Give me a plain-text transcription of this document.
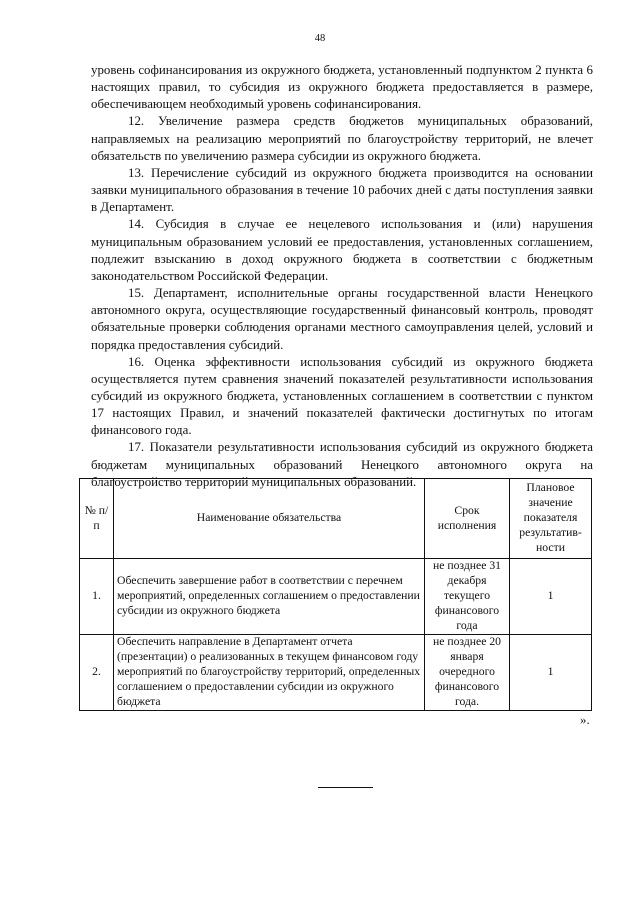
48

уровень софинансирования из окружного бюджета, установленный подпунктом 2 пункта 6 настоящих правил, то субсидия из окружного бюджета предоставляется в размере, обеспечивающем необходимый уровень софинансирования.

12. Увеличение размера средств бюджетов муниципальных образований, направляемых на реализацию мероприятий по благоустройству территорий, не влечет обязательств по увеличению размера субсидии из окружного бюджета.

13. Перечисление субсидий из окружного бюджета производится на основании заявки муниципального образования в течение 10 рабочих дней с даты поступления заявки в Департамент.

14. Субсидия в случае ее нецелевого использования и (или) нарушения муниципальным образованием условий ее предоставления, установленных соглашением, подлежит взысканию в доход окружного бюджета в соответствии с бюджетным законодательством Российской Федерации.

15. Департамент, исполнительные органы государственной власти Ненецкого автономного округа, осуществляющие государственный финансовый контроль, проводят обязательные проверки соблюдения органами местного самоуправления целей, условий и порядка предоставления субсидий.

16. Оценка эффективности использования субсидий из окружного бюджета осуществляется путем сравнения значений показателей результативности использования субсидий из окружного бюджета, установленных соглашением в соответствии с пунктом 17 настоящих Правил, и значений показателей фактически достигнутых по итогам финансового года.

17. Показатели результативности использования субсидий из окружного бюджета бюджетам муниципальных образований Ненецкого автономного округа на благоустройство территорий муниципальных образований.

№ п/п	Наименование обязательства	Срок исполнения	Плановое значение показателя результатив-ности
1.	Обеспечить завершение работ в соответствии с перечнем мероприятий, определенных соглашением о предоставлении субсидии из окружного бюджета	не позднее 31 декабря текущего финансового года	1
2.	Обеспечить направление в Департамент отчета (презентации) о реализованных в текущем финансовом году мероприятий по благоустройству территорий, определенных соглашением о предоставлении субсидии из окружного бюджета	не позднее 20 января очередного финансового года.	1
».
